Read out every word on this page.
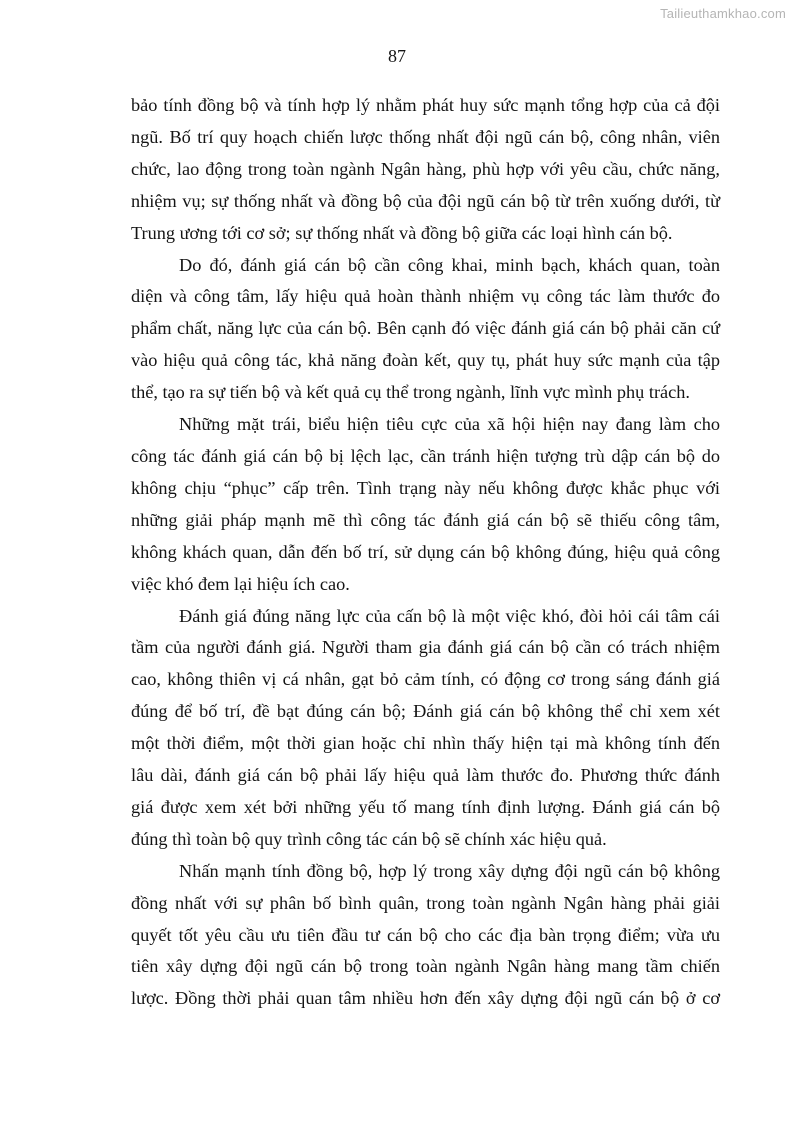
Tailieuthamkhao.com
87
bảo tính đồng bộ và tính hợp lý nhằm phát huy sức mạnh tổng hợp của cả đội
ngũ. Bố trí quy hoạch chiến lược thống nhất đội ngũ cán bộ, công nhân, viên
chức, lao động trong toàn ngành Ngân hàng, phù hợp với yêu cầu, chức năng,
nhiệm vụ; sự thống nhất và đồng bộ của đội ngũ cán bộ từ trên xuống dưới, từ
Trung ương tới cơ sở; sự thống nhất và đồng bộ giữa các loại hình cán bộ.
Do đó, đánh giá cán bộ cần công khai, minh bạch, khách quan, toàn
diện và công tâm, lấy hiệu quả hoàn thành nhiệm vụ công tác làm thước đo
phẩm chất, năng lực của cán bộ. Bên cạnh đó việc đánh giá cán bộ phải căn cứ
vào hiệu quả công tác, khả năng đoàn kết, quy tụ, phát huy sức mạnh của tập
thể, tạo ra sự tiến bộ và kết quả cụ thể trong ngành, lĩnh vực mình phụ trách.
Những mặt trái, biểu hiện tiêu cực của xã hội hiện nay đang làm cho
công tác đánh giá cán bộ bị lệch lạc, cần tránh hiện tượng trù dập cán bộ do
không chịu “phục” cấp trên. Tình trạng này nếu không được khắc phục với
những giải pháp mạnh mẽ thì công tác đánh giá cán bộ sẽ thiếu công tâm,
không khách quan, dẫn đến bố trí, sử dụng cán bộ không đúng, hiệu quả công
việc khó đem lại hiệu ích cao.
Đánh giá đúng năng lực của cấn bộ là một việc khó, đòi hỏi cái tâm cái
tầm của người đánh giá. Người tham gia đánh giá cán bộ cần có trách nhiệm
cao, không thiên vị cá nhân, gạt bỏ cảm tính, có động cơ trong sáng đánh giá
đúng để bố trí, đề bạt đúng cán bộ; Đánh giá cán bộ không thể chỉ xem xét
một thời điểm, một thời gian hoặc chỉ nhìn thấy hiện tại mà không tính đến
lâu dài, đánh giá cán bộ phải lấy hiệu quả làm thước đo. Phương thức đánh
giá được xem xét bởi những yếu tố mang tính định lượng. Đánh giá cán bộ
đúng thì toàn bộ quy trình công tác cán bộ sẽ chính xác hiệu quả.
Nhấn mạnh tính đồng bộ, hợp lý trong xây dựng đội ngũ cán bộ không
đồng nhất với sự phân bố bình quân, trong toàn ngành Ngân hàng phải giải
quyết tốt yêu cầu ưu tiên đầu tư cán bộ cho các địa bàn trọng điểm; vừa ưu
tiên xây dựng đội ngũ cán bộ trong toàn ngành Ngân hàng mang tầm chiến
lược. Đồng thời phải quan tâm nhiều hơn đến xây dựng đội ngũ cán bộ ở cơ
